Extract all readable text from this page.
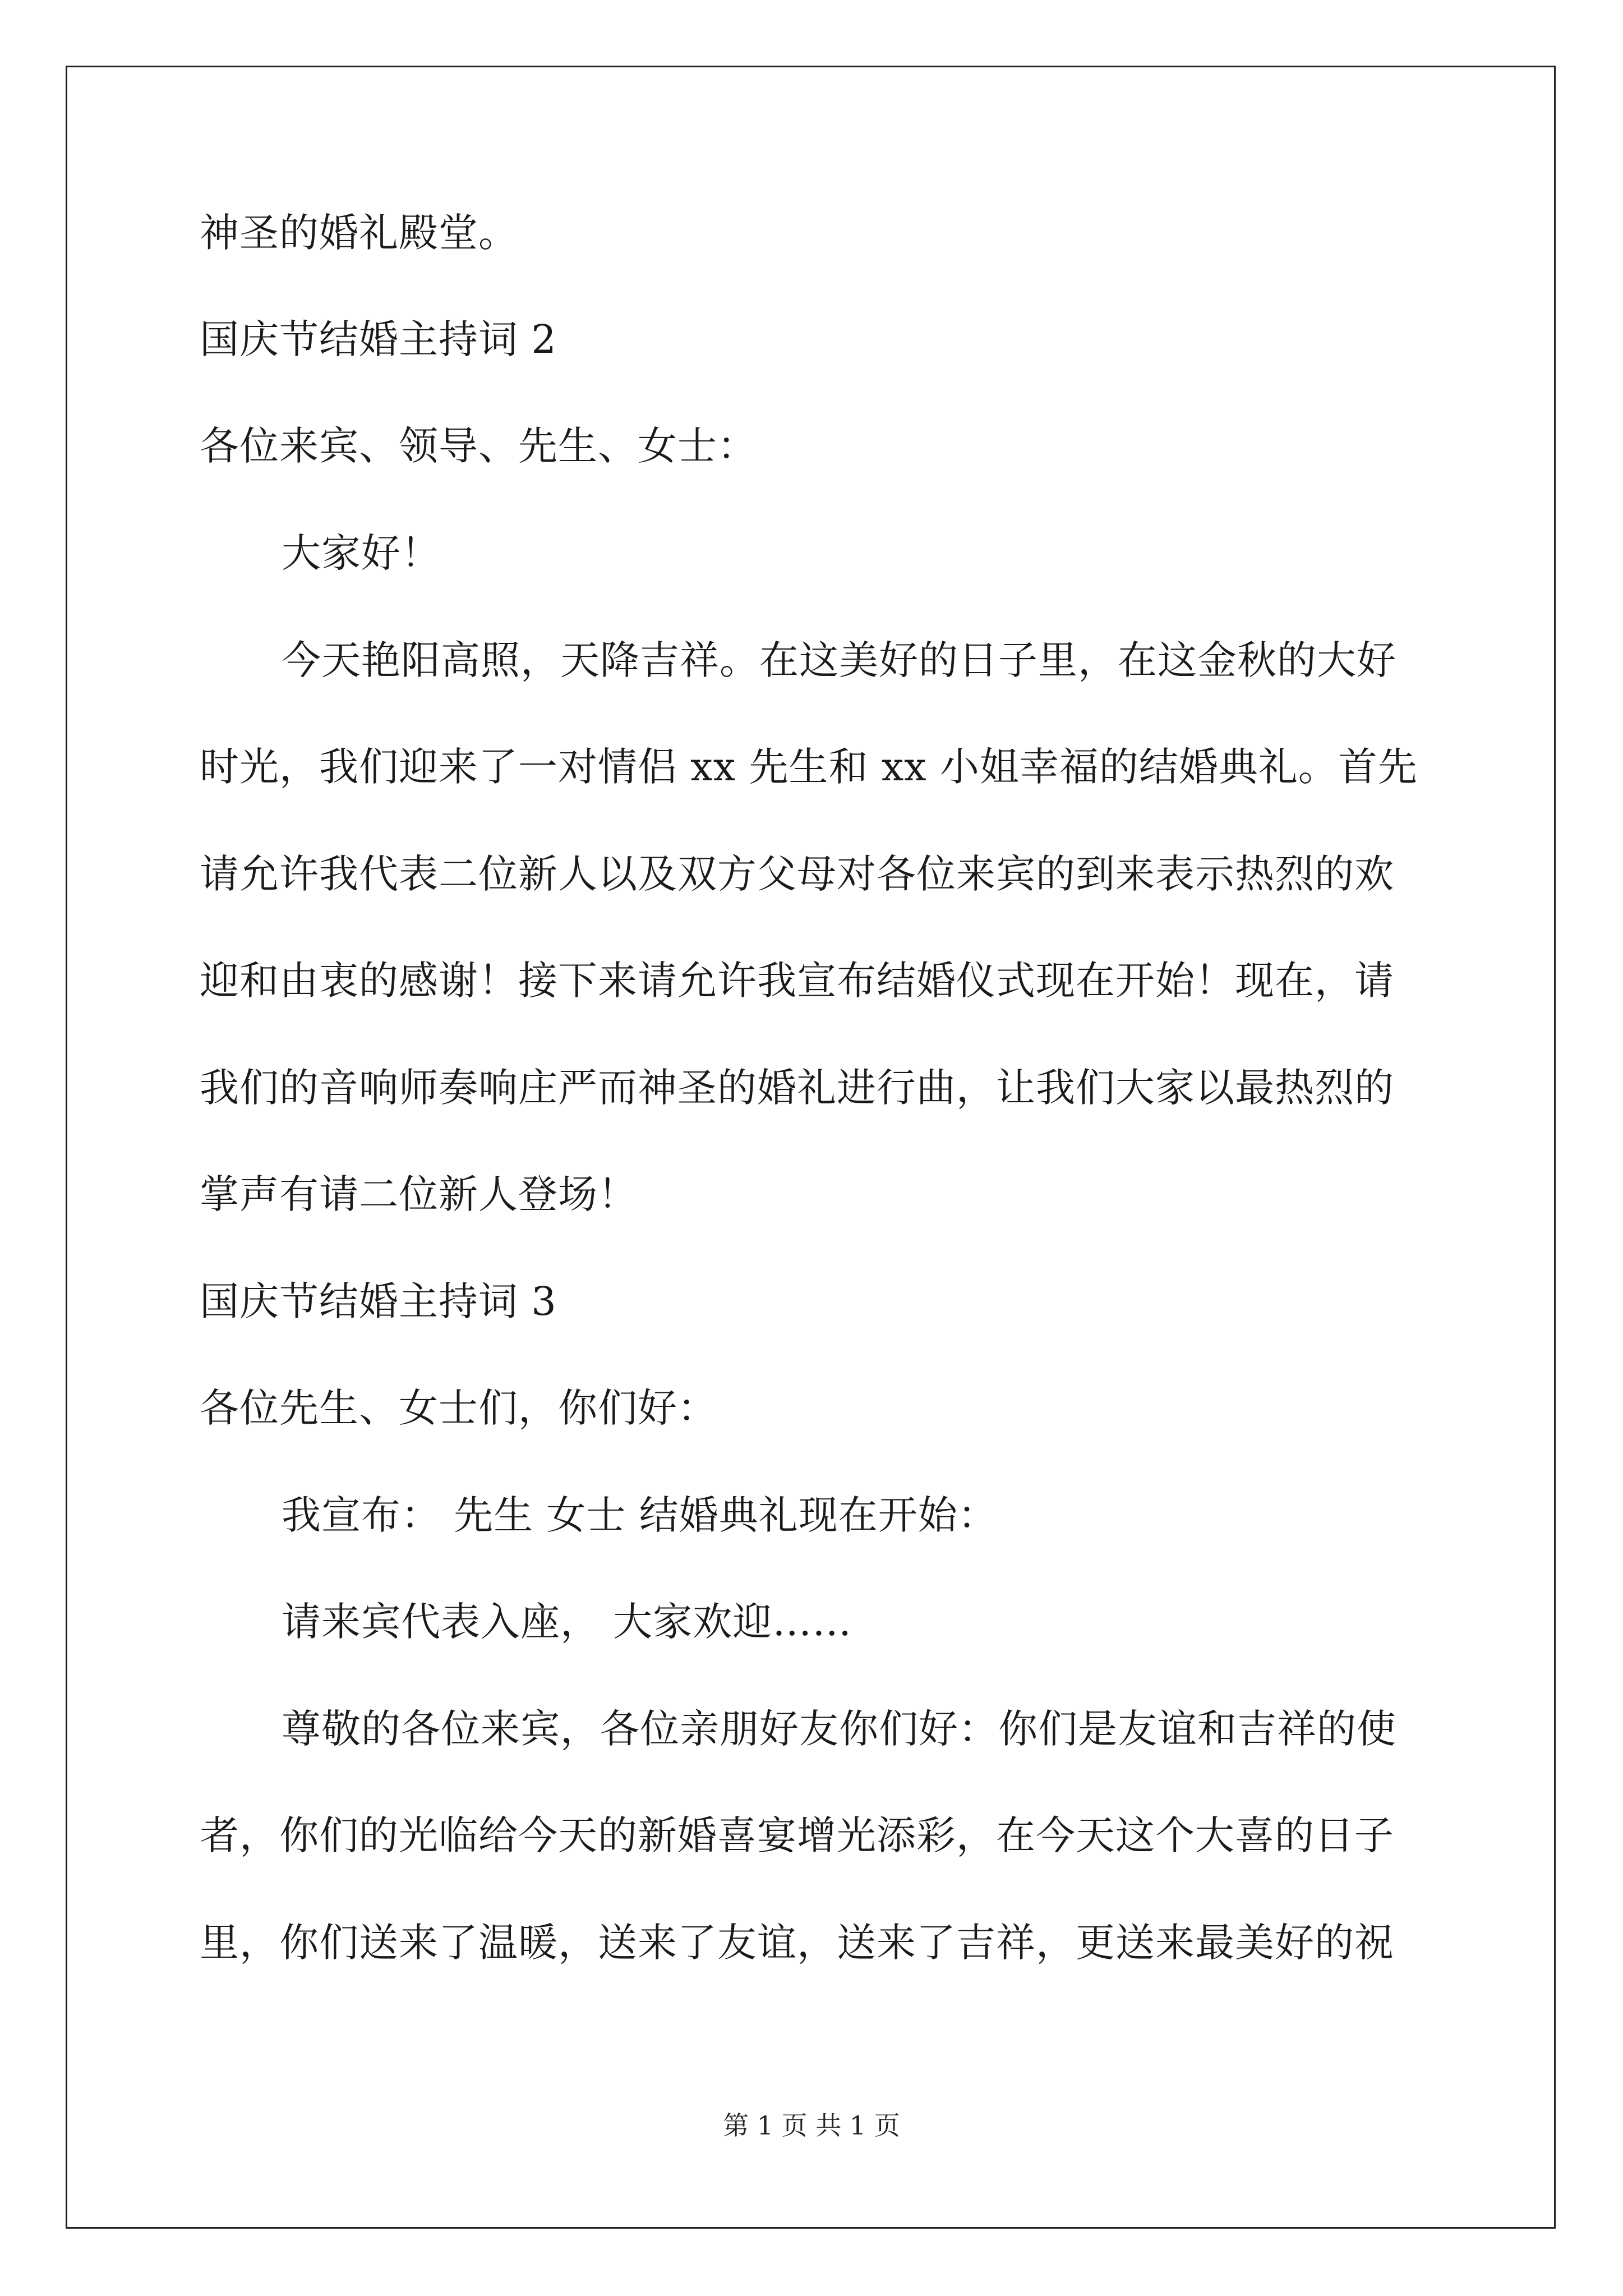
神圣的婚礼殿堂。
国庆节结婚主持词 2
各位来宾、领导、先生、女士：
大家好！
今天艳阳高照，天降吉祥。在这美好的日子里，在这金秋的大好
时光，我们迎来了一对情侣 xx 先生和 xx 小姐幸福的结婚典礼。首先
请允许我代表二位新人以及双方父母对各位来宾的到来表示热烈的欢
迎和由衷的感谢！接下来请允许我宣布结婚仪式现在开始！现在，请
我们的音响师奏响庄严而神圣的婚礼进行曲，让我们大家以最热烈的
掌声有请二位新人登场！
国庆节结婚主持词 3
各位先生、女士们，你们好：
我宣布： 先生 女士 结婚典礼现在开始：
请来宾代表入座， 大家欢迎……
尊敬的各位来宾，各位亲朋好友你们好：你们是友谊和吉祥的使
者，你们的光临给今天的新婚喜宴增光添彩，在今天这个大喜的日子
里，你们送来了温暖，送来了友谊，送来了吉祥，更送来最美好的祝
第 1 页 共 1 页
